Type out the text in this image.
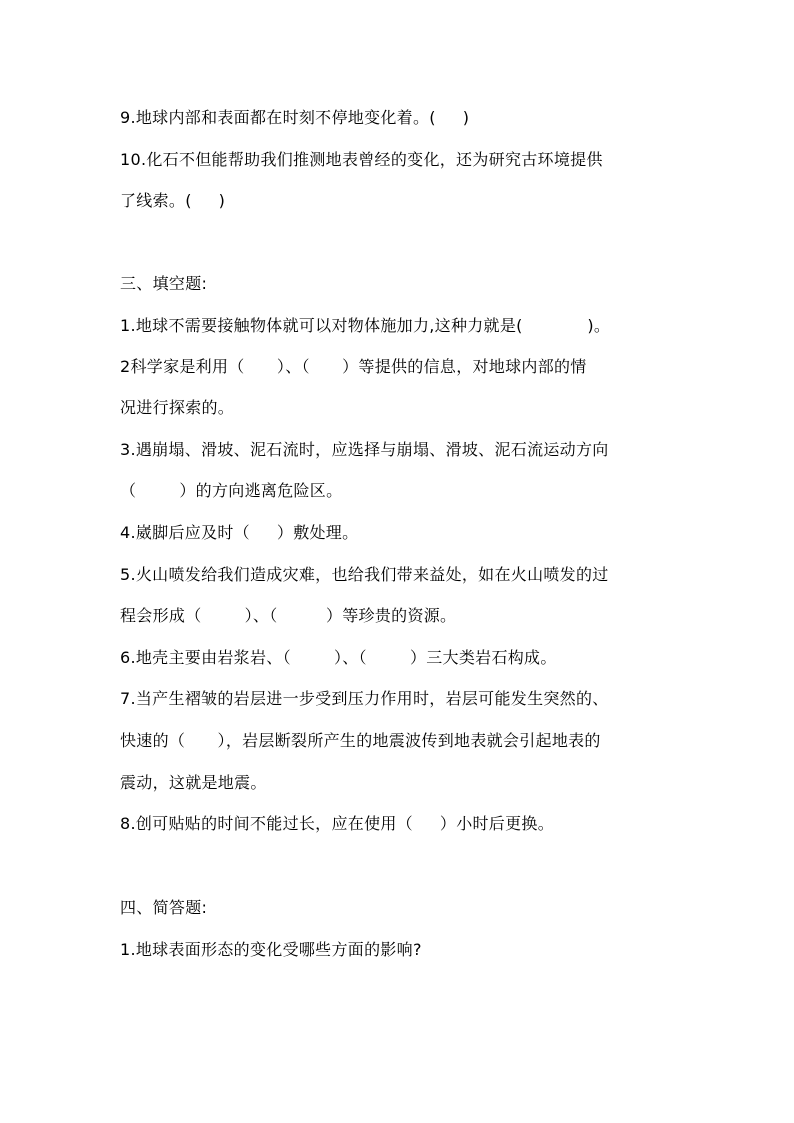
9.地球内部和表面都在时刻不停地变化着。(     )
10.化石不但能帮助我们推测地表曾经的变化，还为研究古环境提供
了线索。(     )
三、填空题:
1.地球不需要接触物体就可以对物体施加力,这种力就是(            )。
2科学家是利用（      ）、（      ）等提供的信息，对地球内部的情
况进行探索的。
3.遇崩塌、滑坡、泥石流时，应选择与崩塌、滑坡、泥石流运动方向
（        ）的方向逃离危险区。
4.崴脚后应及时（     ）敷处理。
5.火山喷发给我们造成灾难，也给我们带来益处，如在火山喷发的过
程会形成（        ）、（         ）等珍贵的资源。
6.地壳主要由岩浆岩、（        ）、（        ）三大类岩石构成。
7.当产生褶皱的岩层进一步受到压力作用时，岩层可能发生突然的、
快速的（      ），岩层断裂所产生的地震波传到地表就会引起地表的
震动，这就是地震。
8.创可贴贴的时间不能过长，应在使用（     ）小时后更换。
四、简答题:
1.地球表面形态的变化受哪些方面的影响?
